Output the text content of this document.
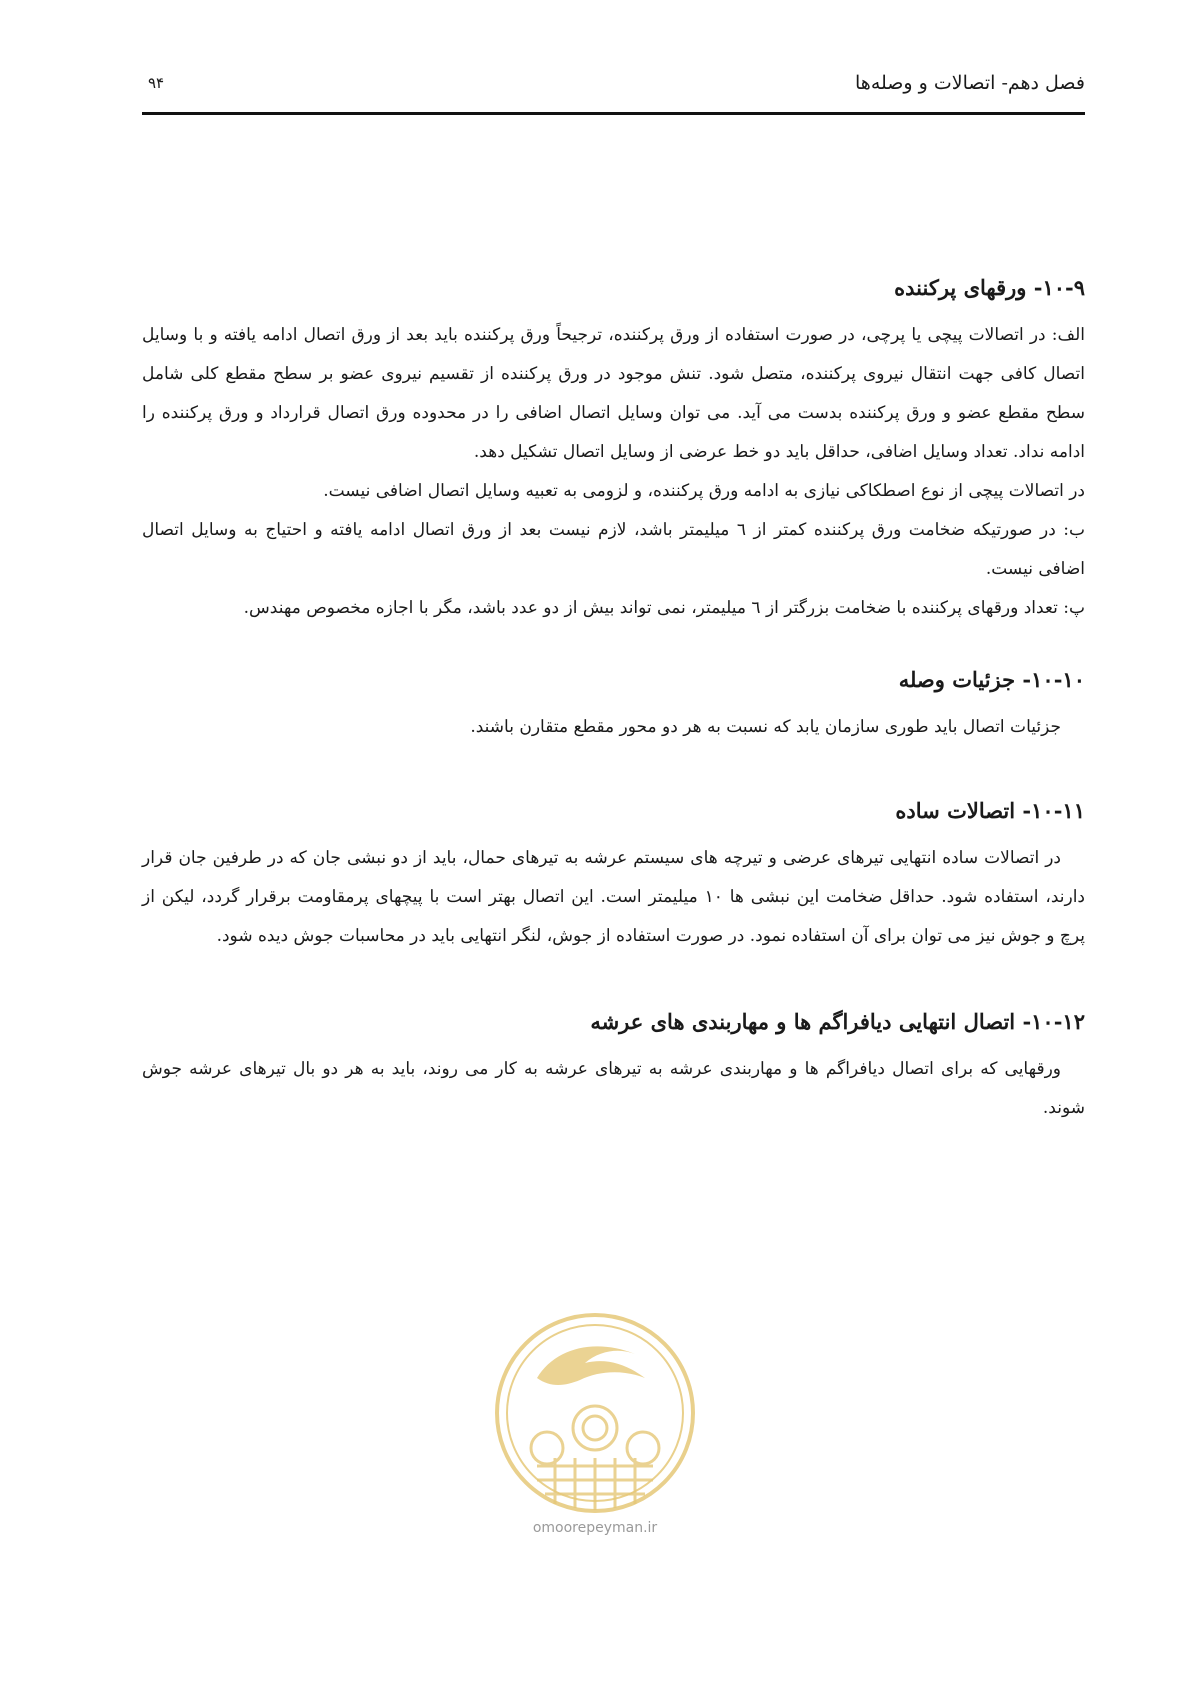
فصل دهم- اتصالات و وصله‌ها
۹۴
۱۰-۹- ورقهای پرکننده

الف: در اتصالات پیچی یا پرچی، در صورت استفاده از ورق پرکننده، ترجیحاً ورق پرکننده باید بعد از ورق اتصال ادامه یافته و با وسایل اتصال کافی جهت انتقال نیروی پرکننده، متصل شود. تنش موجود در ورق پرکننده از تقسیم نیروی عضو بر سطح مقطع کلی شامل سطح مقطع عضو و ورق پرکننده بدست می آید. می توان وسایل اتصال اضافی را در محدوده ورق اتصال قرارداد و ورق پرکننده را ادامه نداد. تعداد وسایل اضافی، حداقل باید دو خط عرضی از وسایل اتصال تشکیل دهد.

در اتصالات پیچی از نوع اصطکاکی نیازی به ادامه ورق پرکننده، و لزومی به تعبیه وسایل اتصال اضافی نیست.

ب: در صورتیکه ضخامت ورق پرکننده کمتر از ٦ میلیمتر باشد، لازم نیست بعد از ورق اتصال ادامه یافته و احتیاج به وسایل اتصال اضافی نیست.

پ: تعداد ورقهای پرکننده با ضخامت بزرگتر از ٦ میلیمتر، نمی تواند بیش از دو عدد باشد، مگر با اجازه مخصوص مهندس.

۱۰-۱۰- جزئیات وصله

جزئیات اتصال باید طوری سازمان یابد که نسبت به هر دو محور مقطع متقارن باشند.

۱۰-۱۱- اتصالات ساده

در اتصالات ساده انتهایی تیرهای عرضی و تیرچه های سیستم عرشه به تیرهای حمال، باید از دو نبشی جان که در طرفین جان قرار دارند، استفاده شود. حداقل ضخامت این نبشی ها ۱۰ میلیمتر است. این اتصال بهتر است با پیچهای پرمقاومت برقرار گردد، لیکن از پرچ و جوش نیز می توان برای آن استفاده نمود. در صورت استفاده از جوش، لنگر انتهایی باید در محاسبات جوش دیده شود.

۱۰-۱۲- اتصال انتهایی دیافراگم ها و مهاربندی های عرشه

ورقهایی که برای اتصال دیافراگم ها و مهاربندی عرشه به تیرهای عرشه به کار می روند، باید به هر دو بال تیرهای عرشه جوش شوند.

omoorepeyman.ir
